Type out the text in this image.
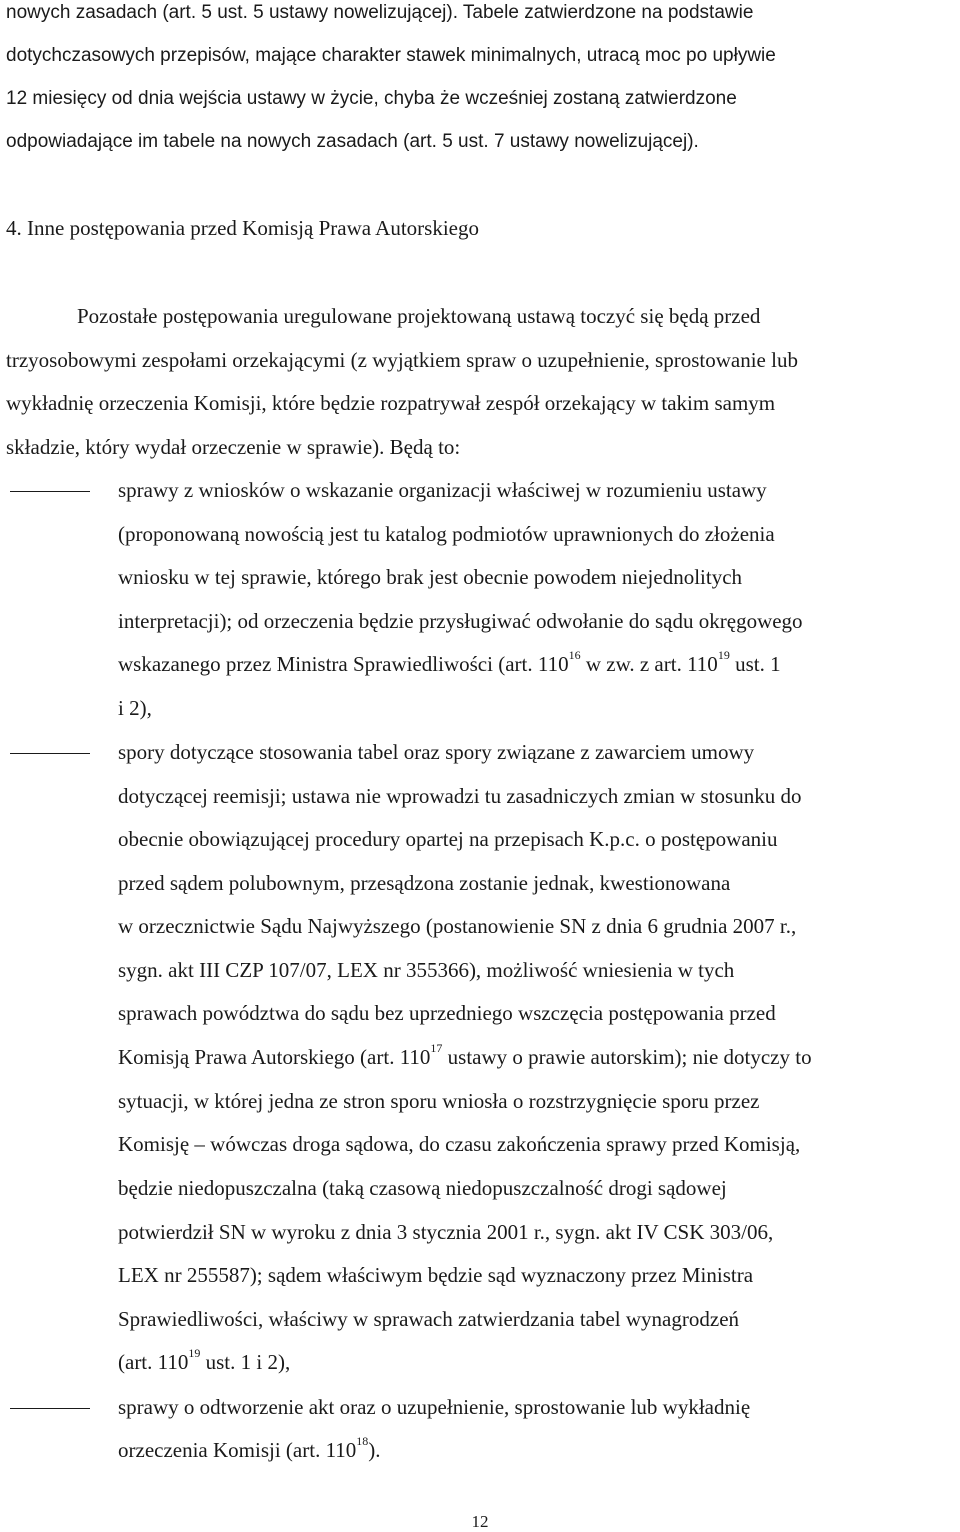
nowych zasadach (art. 5 ust. 5 ustawy nowelizującej). Tabele zatwierdzone na podstawie
dotychczasowych przepisów, mające charakter stawek minimalnych, utracą moc po upływie
12 miesięcy od dnia wejścia ustawy w życie, chyba że wcześniej zostaną zatwierdzone
odpowiadające im tabele na nowych zasadach (art. 5 ust. 7 ustawy nowelizującej).
4. Inne postępowania przed Komisją Prawa Autorskiego
Pozostałe postępowania uregulowane projektowaną ustawą toczyć się będą przed
trzyosobowymi zespołami orzekającymi (z wyjątkiem spraw o uzupełnienie, sprostowanie lub
wykładnię orzeczenia Komisji, które będzie rozpatrywał zespół orzekający w takim samym
składzie, który wydał orzeczenie w sprawie). Będą to:
sprawy z wniosków o wskazanie organizacji właściwej w rozumieniu ustawy
(proponowaną nowością jest tu katalog podmiotów uprawnionych do złożenia
wniosku w tej sprawie, którego brak jest obecnie powodem niejednolitych
interpretacji); od orzeczenia będzie przysługiwać odwołanie do sądu okręgowego
wskazanego przez Ministra Sprawiedliwości (art. $110^{16}$ w zw. z art. $110^{19}$ ust. 1
i 2),
spory dotyczące stosowania tabel oraz spory związane z zawarciem umowy
dotyczącej reemisji; ustawa nie wprowadzi tu zasadniczych zmian w stosunku do
obecnie obowiązującej procedury opartej na przepisach K.p.c. o postępowaniu
przed sądem polubownym, przesądzona zostanie jednak, kwestionowana
w orzecznictwie Sądu Najwyższego (postanowienie SN z dnia 6 grudnia 2007 r.,
sygn. akt III CZP 107/07, LEX nr 355366), możliwość wniesienia w tych
sprawach powództwa do sądu bez uprzedniego wszczęcia postępowania przed
Komisją Prawa Autorskiego (art. $110^{17}$ ustawy o prawie autorskim); nie dotyczy to
sytuacji, w której jedna ze stron sporu wniosła o rozstrzygnięcie sporu przez
Komisję – wówczas droga sądowa, do czasu zakończenia sprawy przed Komisją,
będzie niedopuszczalna (taką czasową niedopuszczalność drogi sądowej
potwierdził SN w wyroku z dnia 3 stycznia 2001 r., sygn. akt IV CSK 303/06,
LEX nr 255587); sądem właściwym będzie sąd wyznaczony przez Ministra
Sprawiedliwości, właściwy w sprawach zatwierdzania tabel wynagrodzeń
(art. $110^{19}$ ust. 1 i 2),
sprawy o odtworzenie akt oraz o uzupełnienie, sprostowanie lub wykładnię
orzeczenia Komisji (art. $110^{18}$).
12
